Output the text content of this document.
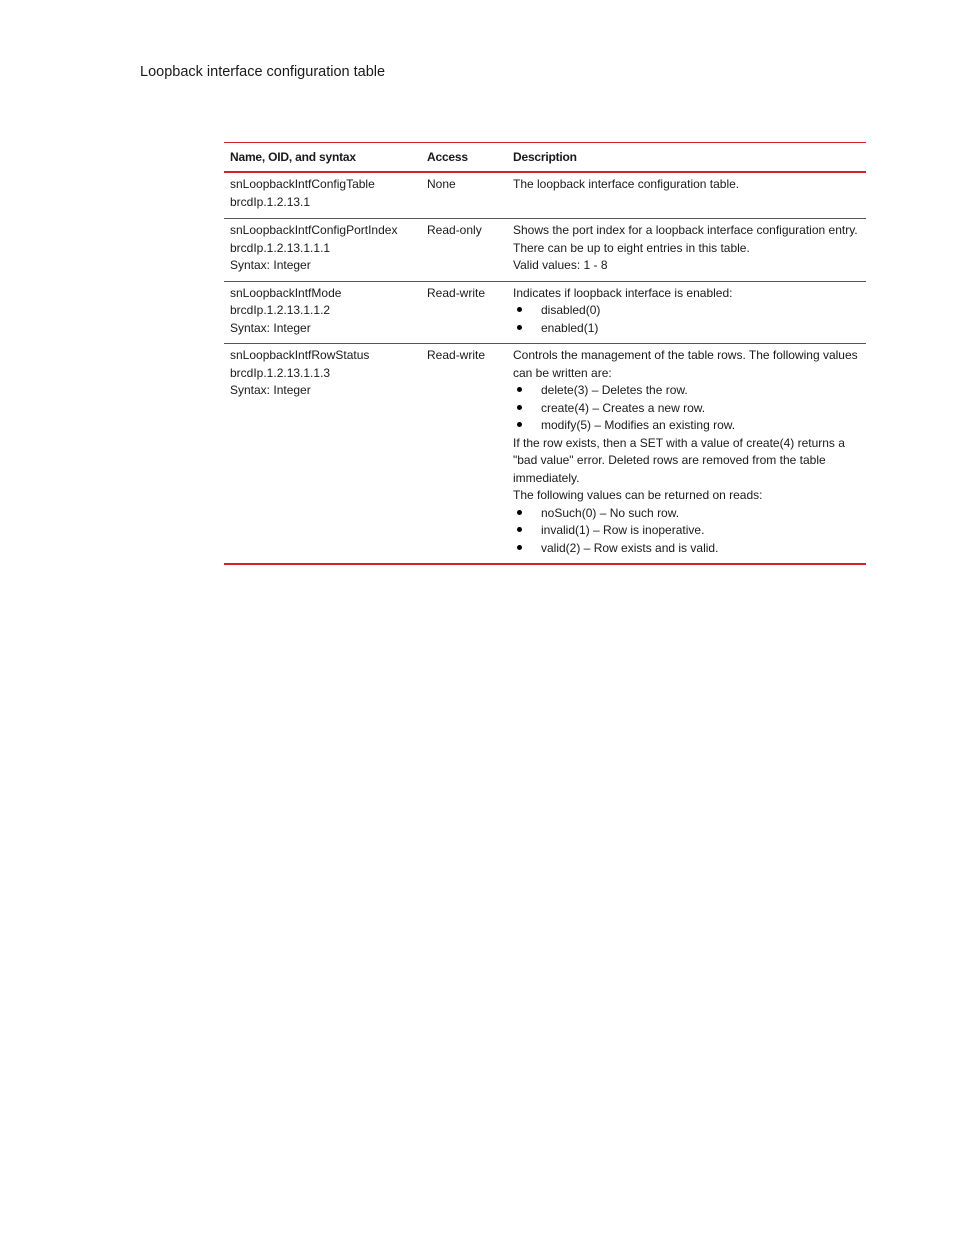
Loopback interface configuration table
Name, OID, and syntax	Access	Description
snLoopbackIntfConfigTable
brcdIp.1.2.13.1
None	The loopback interface configuration table.
snLoopbackIntfConfigPortIndex
brcdIp.1.2.13.1.1.1
Syntax: Integer
Read-only	Shows the port index for a loopback interface configuration entry. There can be up to eight entries in this table.
Valid values: 1 - 8
snLoopbackIntfMode
brcdIp.1.2.13.1.1.2
Syntax: Integer
Read-write	Indicates if loopback interface is enabled:
disabled(0)
enabled(1)
snLoopbackIntfRowStatus
brcdIp.1.2.13.1.1.3
Syntax: Integer
Read-write	Controls the management of the table rows. The following values can be written are:
delete(3) – Deletes the row.
create(4) – Creates a new row.
modify(5) – Modifies an existing row.
If the row exists, then a SET with a value of create(4) returns a "bad value" error. Deleted rows are removed from the table immediately.
The following values can be returned on reads:
noSuch(0) – No such row.
invalid(1) – Row is inoperative.
valid(2) – Row exists and is valid.
